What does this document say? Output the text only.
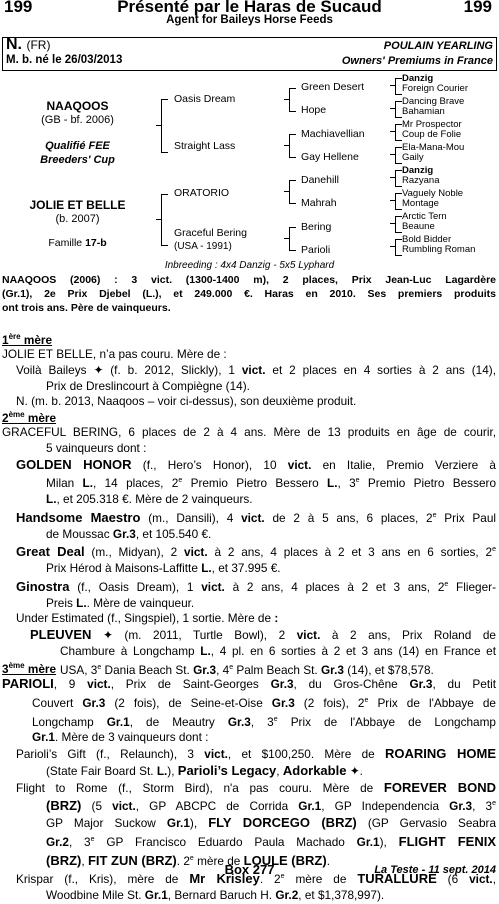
199	Présenté par le Haras de Sucaud	199
Agent for Baileys Horse Feeds
N. (FR)	POULAIN YEARLING
M. b. né le 26/03/2013	Owners' Premiums in France
NAAQOOS
(GB - bf. 2006)
Qualifié FEE
Breeders' Cup
JOLIE ET BELLE
(b. 2007)
Famille 17-b
Oasis Dream
Straight Lass
ORATORIO
Graceful Bering
(USA - 1991)
Green Desert
Hope
Machiavellian
Gay Hellene
Danehill
Mahrah
Bering
Parioli
Danzig
Foreign Courier
Dancing Brave
Bahamian
Mr Prospector
Coup de Folie
Ela-Mana-Mou
Gaily
Danzig
Razyana
Vaguely Noble
Montage
Arctic Tern
Beaune
Bold Bidder
Rumbling Roman
Inbreeding : 4x4 Danzig - 5x5 Lyphard
NAAQOOS (2006) : 3 vict. (1300-1400 m), 2 places, Prix Jean-Luc Lagardère
(Gr.1), 2e Prix Djebel (L.), et 249.000 €. Haras en 2010. Ses premiers produits
ont trois ans. Père de vainqueurs.
1ère mère
JOLIE ET BELLE, n’a pas couru. Mère de :
Voilà Baileys ✦ (f. b. 2012, Slickly), 1 vict. et 2 places en 4 sorties à 2 ans (14),
Prix de Dreslincourt à Compiègne (14).
N. (m. b. 2013, Naaqoos – voir ci-dessus), son deuxième produit.
2ème mère
GRACEFUL BERING, 6 places de 2 à 4 ans. Mère de 13 produits en âge de courir,
5 vainqueurs dont :
GOLDEN HONOR (f., Hero’s Honor), 10 vict. en Italie, Premio Verziere à
Milan L., 14 places, 2e Premio Pietro Bessero L., 3e Premio Pietro Bessero
L., et 205.318 €. Mère de 2 vainqueurs.
Handsome Maestro (m., Dansili), 4 vict. de 2 à 5 ans, 6 places, 2e Prix Paul
de Moussac Gr.3, et 105.540 €.
Great Deal (m., Midyan), 2 vict. à 2 ans, 4 places à 2 et 3 ans en 6 sorties, 2e
Prix Hérod à Maisons-Laffitte L., et 37.995 €.
Ginostra (f., Oasis Dream), 1 vict. à 2 ans, 4 places à 2 et 3 ans, 2e Flieger-
Preis L.. Mère de vainqueur.
Under Estimated (f., Singspiel), 1 sortie. Mère de :
PLEUVEN ✦ (m. 2011, Turtle Bowl), 2 vict. à 2 ans, Prix Roland de
Chambure à Longchamp L., 4 pl. en 6 sorties à 2 et 3 ans (14) en France et
USA, 3e Dania Beach St. Gr.3, 4e Palm Beach St. Gr.3 (14), et $78,578.
3ème mère
PARIOLI, 9 vict., Prix de Saint-Georges Gr.3, du Gros-Chêne Gr.3, du Petit
Couvert Gr.3 (2 fois), de Seine-et-Oise Gr.3 (2 fois), 2e Prix de l'Abbaye de
Longchamp Gr.1, de Meautry Gr.3, 3e Prix de l'Abbaye de Longchamp
Gr.1. Mère de 3 vainqueurs dont :
Parioli’s Gift (f., Relaunch), 3 vict., et $100,250. Mère de ROARING HOME
(State Fair Board St. L.), Parioli’s Legacy, Adorkable ✦.
Flight to Rome (f., Storm Bird), n'a pas couru. Mère de FOREVER BOND
(BRZ) (5 vict., GP ABCPC de Corrida Gr.1, GP Independencia Gr.3, 3e
GP Major Suckow Gr.1), FLY DORCEGO (BRZ) (GP Gervasio Seabra
Gr.2, 3e GP Francisco Eduardo Paula Machado Gr.1), FLIGHT FENIX
(BRZ), FIT ZUN (BRZ). 2e mère de LOULE (BRZ).
Krispar (f., Kris), mère de Mr Krisley. 2e mère de TURALLURE (6 vict.,
Woodbine Mile St. Gr.1, Bernard Baruch H. Gr.2, et $1,378,997).
Box 277	La Teste - 11 sept. 2014
